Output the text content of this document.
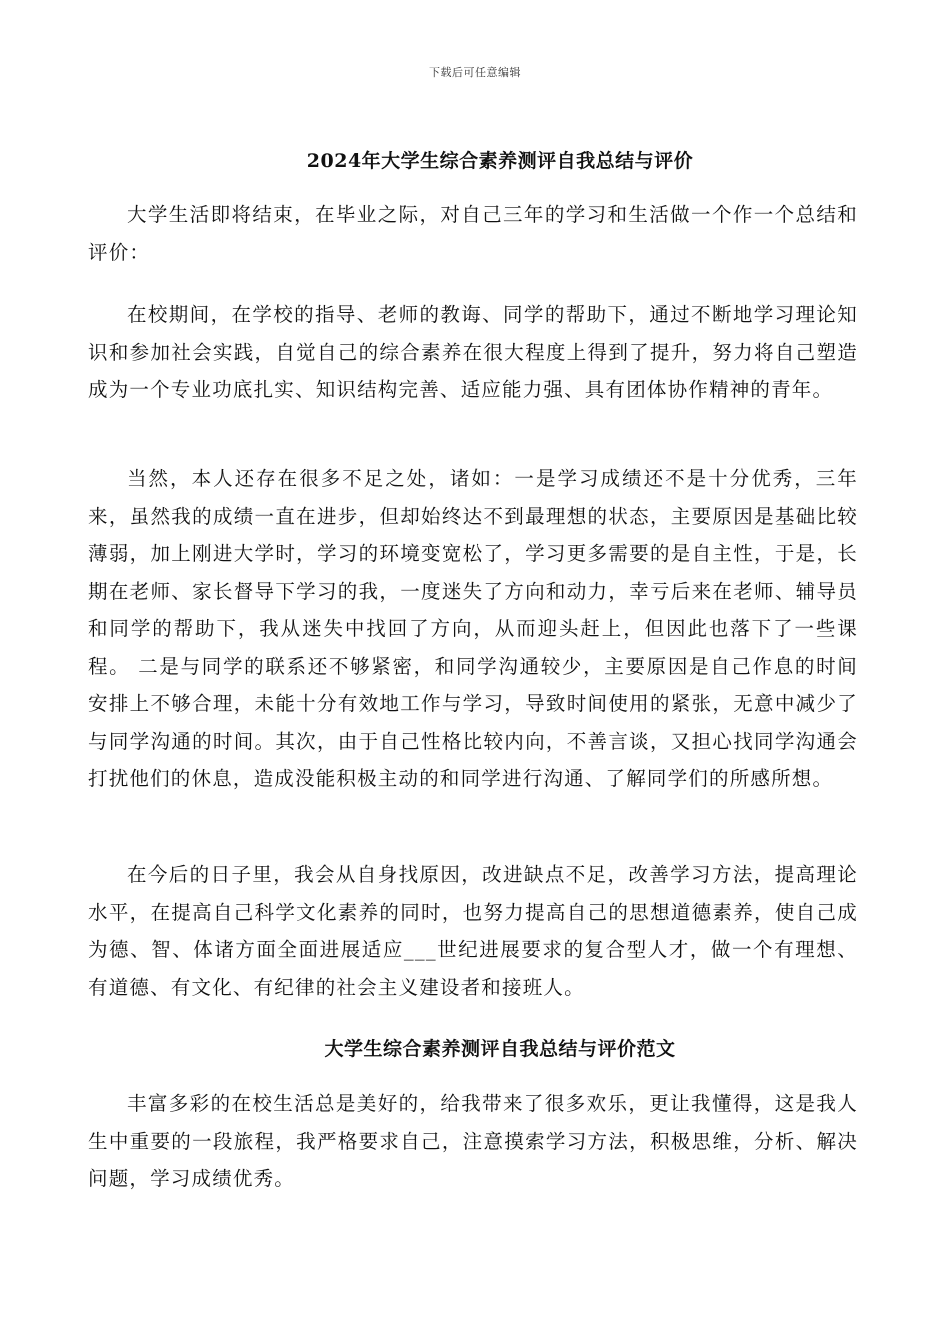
下载后可任意编辑
2024年大学生综合素养测评自我总结与评价

大学生活即将结束，在毕业之际，对自己三年的学习和生活做一个作一个总结和评价：

在校期间，在学校的指导、老师的教诲、同学的帮助下，通过不断地学习理论知识和参加社会实践，自觉自己的综合素养在很大程度上得到了提升，努力将自己塑造成为一个专业功底扎实、知识结构完善、适应能力强、具有团体协作精神的青年。

当然，本人还存在很多不足之处，诸如：一是学习成绩还不是十分优秀，三年来，虽然我的成绩一直在进步，但却始终达不到最理想的状态，主要原因是基础比较薄弱，加上刚进大学时，学习的环境变宽松了，学习更多需要的是自主性，于是，长期在老师、家长督导下学习的我，一度迷失了方向和动力，幸亏后来在老师、辅导员和同学的帮助下，我从迷失中找回了方向，从而迎头赶上，但因此也落下了一些课程。 二是与同学的联系还不够紧密，和同学沟通较少，主要原因是自己作息的时间安排上不够合理，未能十分有效地工作与学习，导致时间使用的紧张，无意中减少了与同学沟通的时间。其次，由于自己性格比较内向，不善言谈，又担心找同学沟通会打扰他们的休息，造成没能积极主动的和同学进行沟通、了解同学们的所感所想。

在今后的日子里，我会从自身找原因，改进缺点不足，改善学习方法，提高理论水平，在提高自己科学文化素养的同时，也努力提高自己的思想道德素养，使自己成为德、智、体诸方面全面进展适应___世纪进展要求的复合型人才，做一个有理想、有道德、有文化、有纪律的社会主义建设者和接班人。

大学生综合素养测评自我总结与评价范文

丰富多彩的在校生活总是美好的，给我带来了很多欢乐，更让我懂得，这是我人生中重要的一段旅程，我严格要求自己，注意摸索学习方法，积极思维，分析、解决问题，学习成绩优秀。
